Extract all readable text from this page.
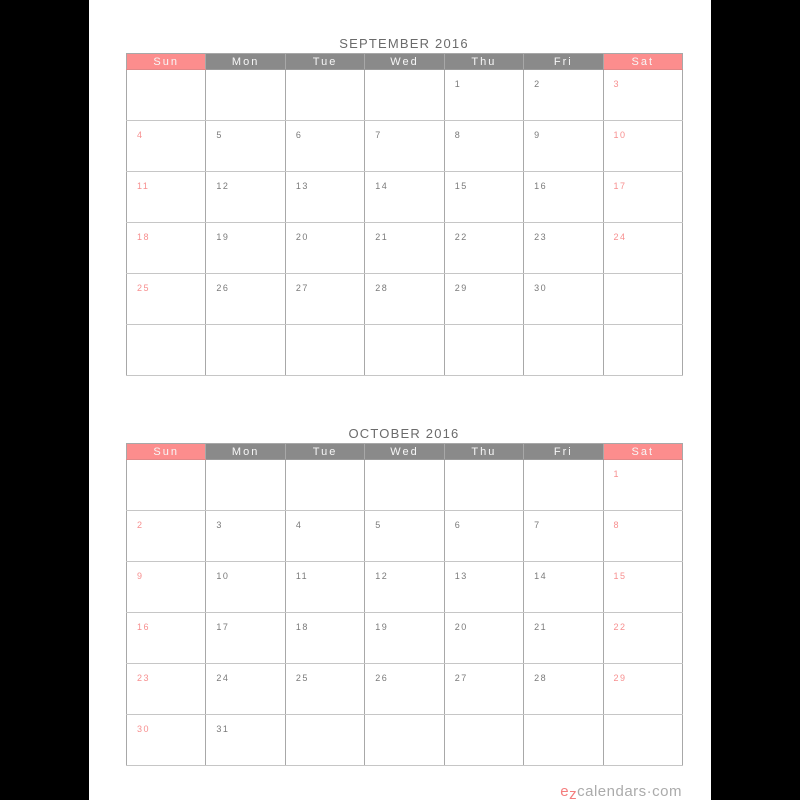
SEPTEMBER 2016
Sun	Mon	Tue	Wed	Thu	Fri	Sat
				1	2	3
4	5	6	7	8	9	10
11	12	13	14	15	16	17
18	19	20	21	22	23	24
25	26	27	28	29	30	

OCTOBER 2016
Sun	Mon	Tue	Wed	Thu	Fri	Sat
						1
2	3	4	5	6	7	8
9	10	11	12	13	14	15
16	17	18	19	20	21	22
23	24	25	26	27	28	29
30	31					
ezcalendars·com
